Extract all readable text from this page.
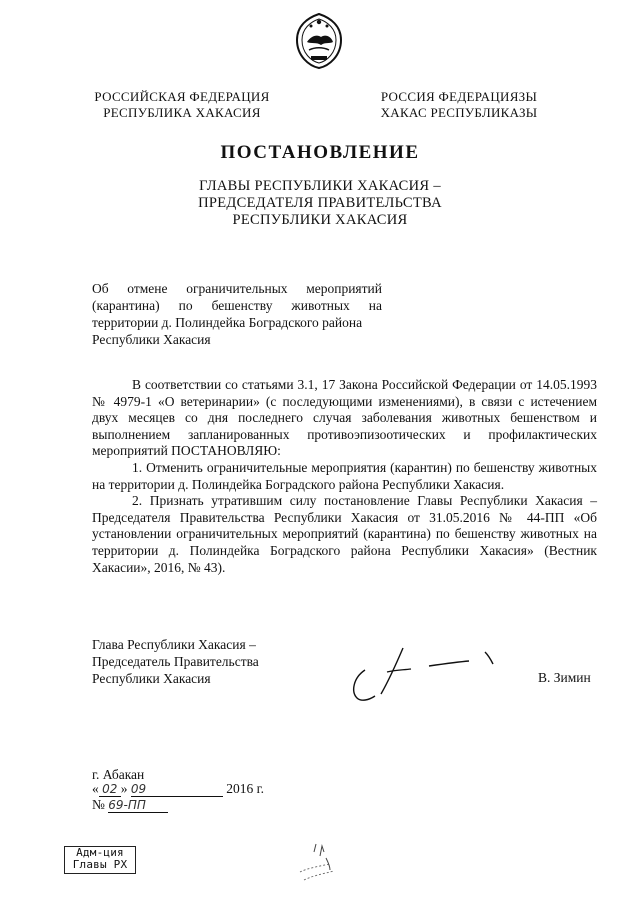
РОССИЙСКАЯ ФЕДЕРАЦИЯ
РЕСПУБЛИКА ХАКАСИЯ
РОССИЯ ФЕДЕРАЦИЯЗЫ
ХАКАС РЕСПУБЛИКАЗЫ
ПОСТАНОВЛЕНИЕ
ГЛАВЫ РЕСПУБЛИКИ ХАКАСИЯ –
ПРЕДСЕДАТЕЛЯ ПРАВИТЕЛЬСТВА
РЕСПУБЛИКИ ХАКАСИЯ
Об отмене ограничительных мероприятий
(карантина) по бешенству животных на
территории д. Полиндейка Боградского района
Республики Хакасия

В соответствии со статьями 3.1, 17 Закона Российской Федерации от 14.05.1993 № 4979-1 «О ветеринарии» (с последующими изменениями), в связи с истечением двух месяцев со дня последнего случая заболевания животных бешенством и выполнением запланированных противоэпизоотических и профилактических мероприятий ПОСТАНОВЛЯЮ:

1. Отменить ограничительные мероприятия (карантин) по бешенству животных на территории д. Полиндейка Боградского района Республики Хакасия.

2. Признать утратившим силу постановление Главы Республики Хакасия – Председателя Правительства Республики Хакасия от 31.05.2016 № 44-ПП «Об установлении ограничительных мероприятий (карантина) по бешенству животных на территории д. Полиндейка Боградского района Республики Хакасия» (Вестник Хакасии», 2016, № 43).

Глава Республики Хакасия –
Председатель Правительства
Республики Хакасия	В. Зимин
г. Абакан
« 02 » 09	2016 г.
№ 69-ПП
Адм-ция
Главы РХ
